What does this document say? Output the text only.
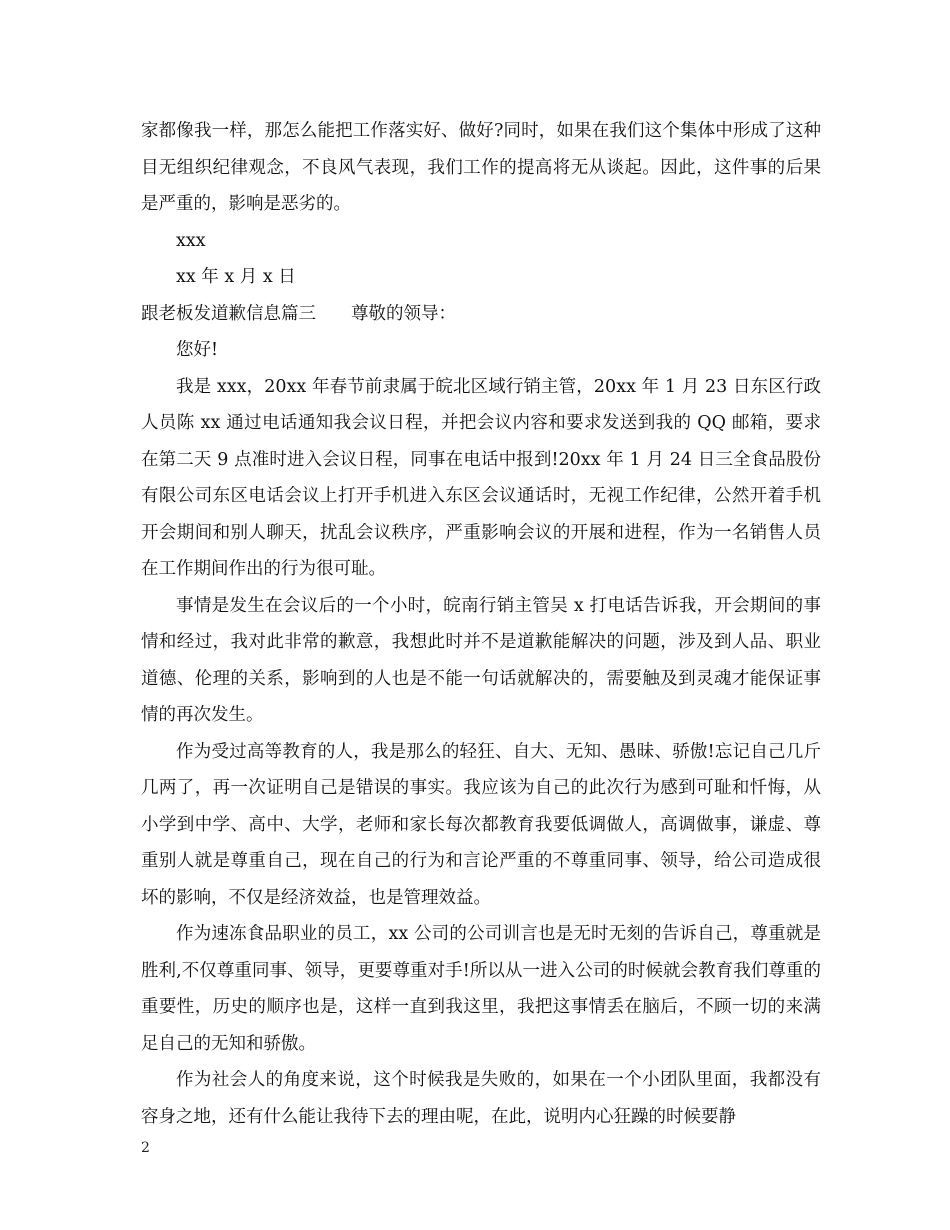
家都像我一样，那怎么能把工作落实好、做好?同时，如果在我们这个集体中形成了这种目无组织纪律观念，不良风气表现，我们工作的提高将无从谈起。因此，这件事的后果是严重的，影响是恶劣的。

xxx

xx 年 x 月 x 日

跟老板发道歉信息篇三　　尊敬的领导：

您好!

我是 xxx，20xx 年春节前隶属于皖北区域行销主管，20xx 年 1 月 23 日东区行政人员陈 xx 通过电话通知我会议日程，并把会议内容和要求发送到我的 QQ 邮箱，要求在第二天 9 点准时进入会议日程，同事在电话中报到!20xx 年 1 月 24 日三全食品股份有限公司东区电话会议上打开手机进入东区会议通话时，无视工作纪律，公然开着手机开会期间和别人聊天，扰乱会议秩序，严重影响会议的开展和进程，作为一名销售人员在工作期间作出的行为很可耻。

事情是发生在会议后的一个小时，皖南行销主管吴 x 打电话告诉我，开会期间的事情和经过，我对此非常的歉意，我想此时并不是道歉能解决的问题，涉及到人品、职业道德、伦理的关系，影响到的人也是不能一句话就解决的，需要触及到灵魂才能保证事情的再次发生。

作为受过高等教育的人，我是那么的轻狂、自大、无知、愚昧、骄傲!忘记自己几斤几两了，再一次证明自己是错误的事实。我应该为自己的此次行为感到可耻和忏悔，从小学到中学、高中、大学，老师和家长每次都教育我要低调做人，高调做事，谦虚、尊重别人就是尊重自己，现在自己的行为和言论严重的不尊重同事、领导，给公司造成很坏的影响，不仅是经济效益，也是管理效益。

作为速冻食品职业的员工，xx 公司的公司训言也是无时无刻的告诉自己，尊重就是胜利,不仅尊重同事、领导，更要尊重对手!所以从一进入公司的时候就会教育我们尊重的重要性，历史的顺序也是，这样一直到我这里，我把这事情丢在脑后，不顾一切的来满足自己的无知和骄傲。

作为社会人的角度来说，这个时候我是失败的，如果在一个小团队里面，我都没有容身之地，还有什么能让我待下去的理由呢，在此，说明内心狂躁的时候要静

2
